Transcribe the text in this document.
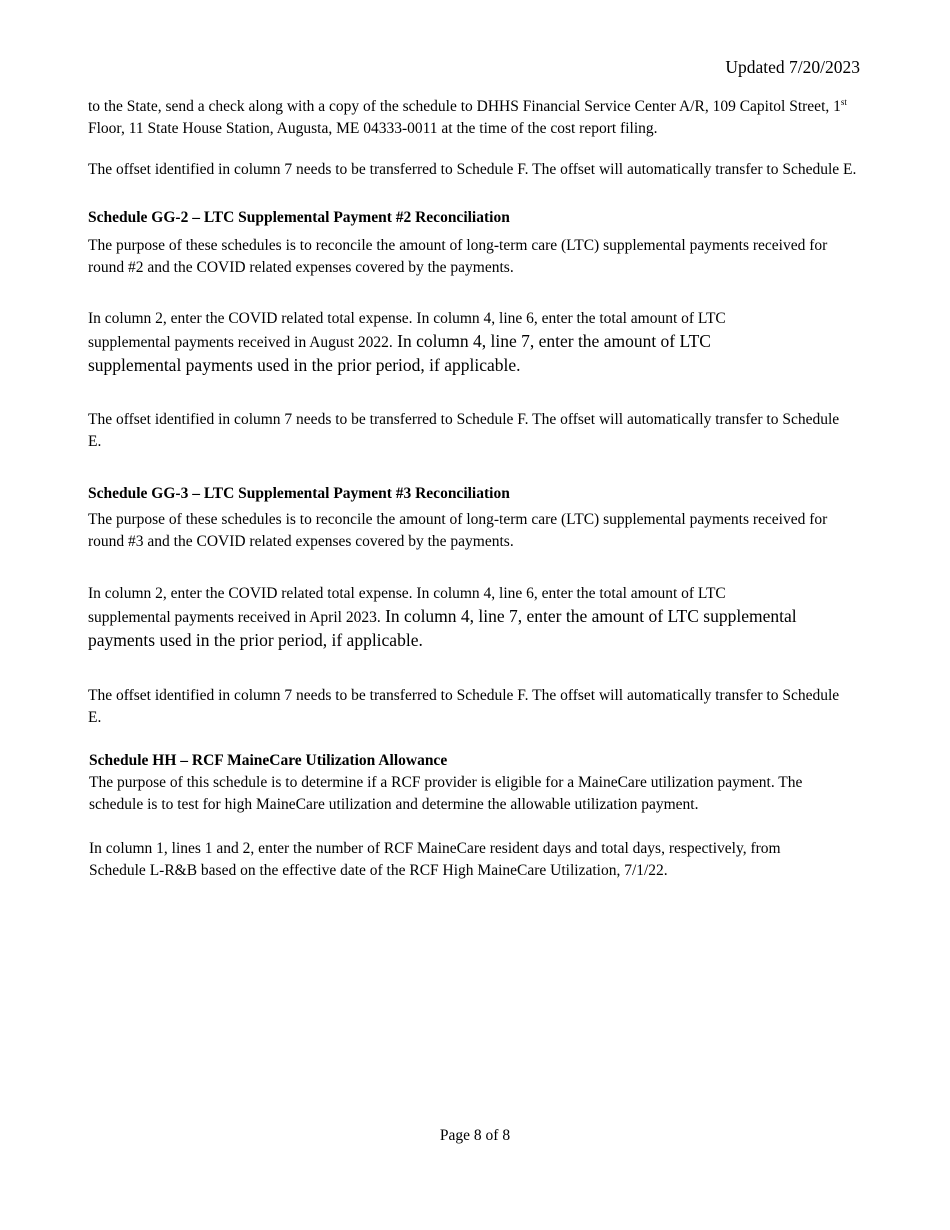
Updated 7/20/2023

to the State, send a check along with a copy of the schedule to DHHS Financial Service Center A/R, 109 Capitol Street, 1st Floor, 11 State House Station, Augusta, ME 04333-0011 at the time of the cost report filing.

The offset identified in column 7 needs to be transferred to Schedule F. The offset will automatically transfer to Schedule E.

Schedule GG-2 – LTC Supplemental Payment #2 Reconciliation

The purpose of these schedules is to reconcile the amount of long-term care (LTC) supplemental payments received for round #2 and the COVID related expenses covered by the payments.

In column 2, enter the COVID related total expense. In column 4, line 6, enter the total amount of LTC supplemental payments received in August 2022. In column 4, line 7, enter the amount of LTC supplemental payments used in the prior period, if applicable.

The offset identified in column 7 needs to be transferred to Schedule F. The offset will automatically transfer to Schedule E.

Schedule GG-3 – LTC Supplemental Payment #3 Reconciliation

The purpose of these schedules is to reconcile the amount of long-term care (LTC) supplemental payments received for round #3 and the COVID related expenses covered by the payments.

In column 2, enter the COVID related total expense. In column 4, line 6, enter the total amount of LTC supplemental payments received in April 2023. In column 4, line 7, enter the amount of LTC supplemental payments used in the prior period, if applicable.

The offset identified in column 7 needs to be transferred to Schedule F. The offset will automatically transfer to Schedule E.

Schedule HH – RCF MaineCare Utilization Allowance

The purpose of this schedule is to determine if a RCF provider is eligible for a MaineCare utilization payment. The schedule is to test for high MaineCare utilization and determine the allowable utilization payment.

In column 1, lines 1 and 2, enter the number of RCF MaineCare resident days and total days, respectively, from Schedule L-R&B based on the effective date of the RCF High MaineCare Utilization, 7/1/22.

Page 8 of 8
